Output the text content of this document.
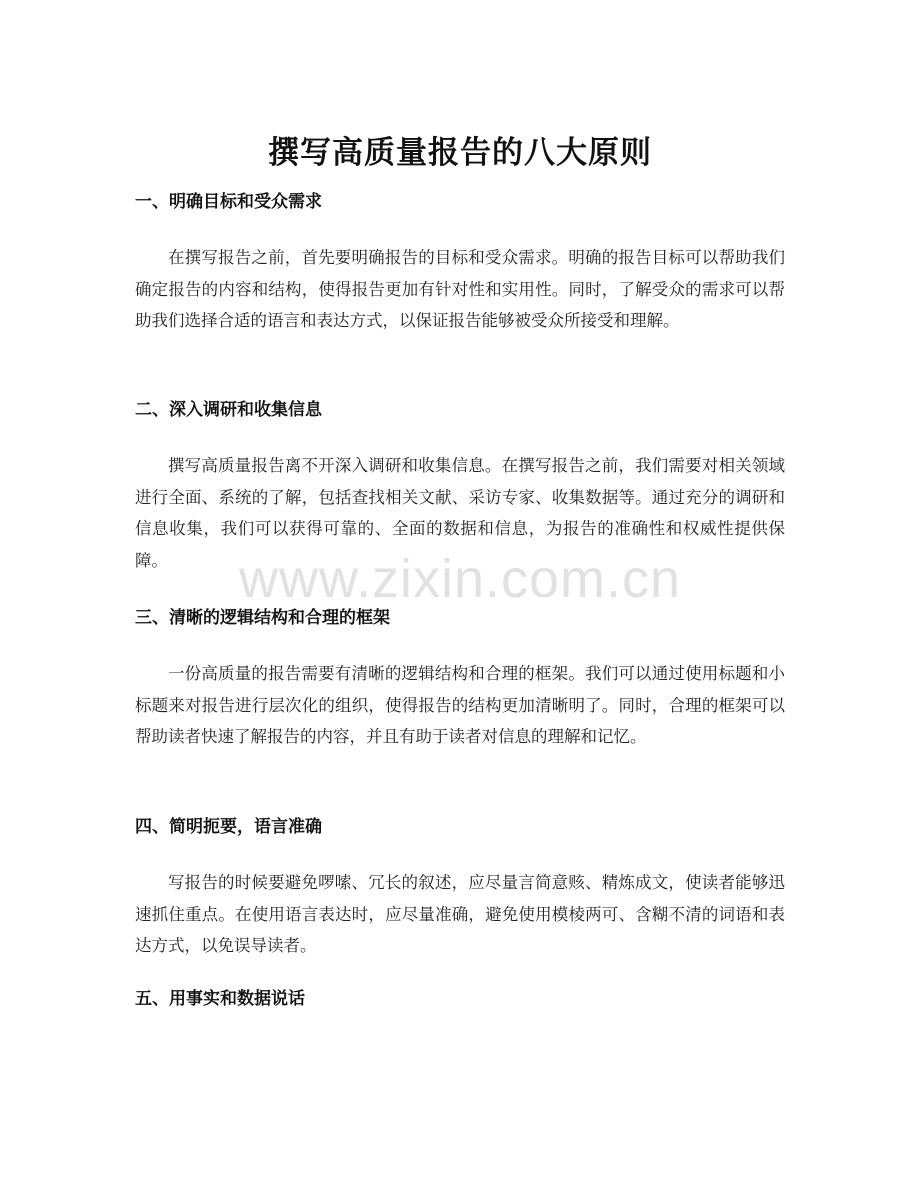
撰写高质量报告的八大原则
一、明确目标和受众需求

在撰写报告之前，首先要明确报告的目标和受众需求。明确的报告目标可以帮助我们确定报告的内容和结构，使得报告更加有针对性和实用性。同时，了解受众的需求可以帮助我们选择合适的语言和表达方式，以保证报告能够被受众所接受和理解。

二、深入调研和收集信息

撰写高质量报告离不开深入调研和收集信息。在撰写报告之前，我们需要对相关领域进行全面、系统的了解，包括查找相关文献、采访专家、收集数据等。通过充分的调研和信息收集，我们可以获得可靠的、全面的数据和信息，为报告的准确性和权威性提供保障。

三、清晰的逻辑结构和合理的框架

一份高质量的报告需要有清晰的逻辑结构和合理的框架。我们可以通过使用标题和小标题来对报告进行层次化的组织，使得报告的结构更加清晰明了。同时，合理的框架可以帮助读者快速了解报告的内容，并且有助于读者对信息的理解和记忆。

四、简明扼要，语言准确

写报告的时候要避免啰嗦、冗长的叙述，应尽量言简意赅、精炼成文，使读者能够迅速抓住重点。在使用语言表达时，应尽量准确，避免使用模棱两可、含糊不清的词语和表达方式，以免误导读者。

五、用事实和数据说话
www.zixin.com.cn
